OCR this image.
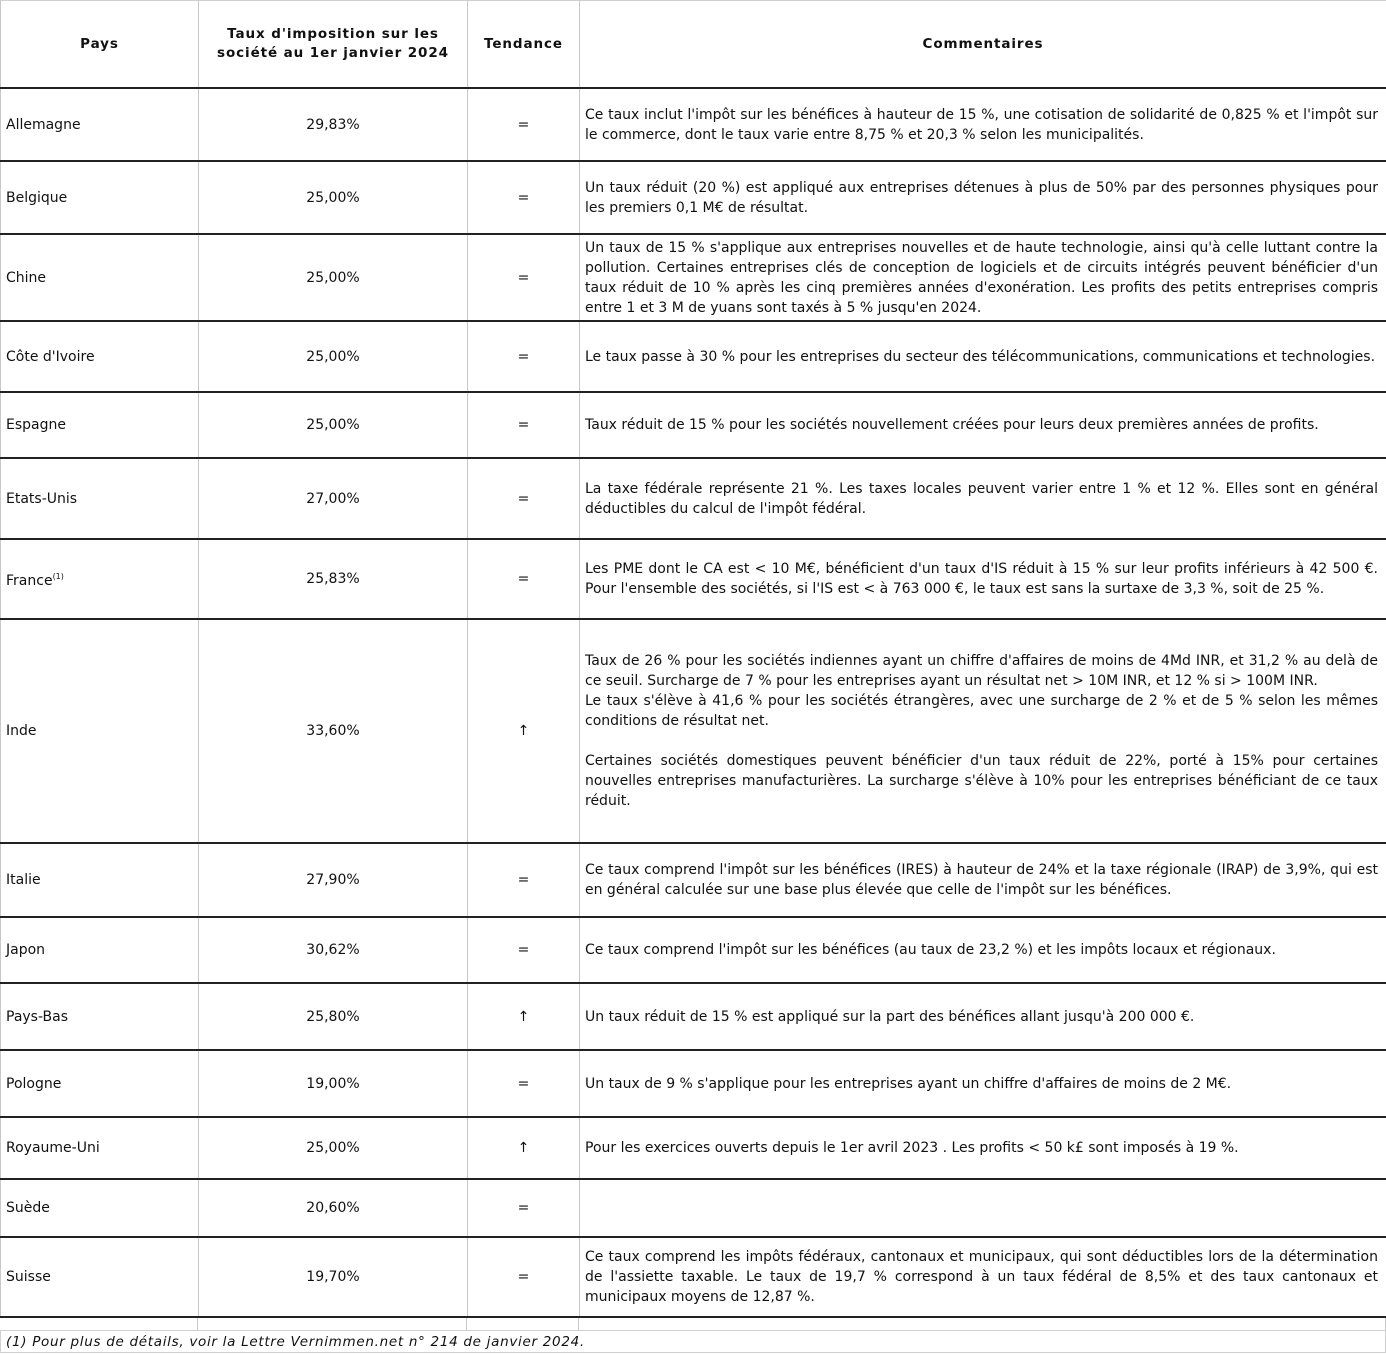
Pays	Taux d'imposition sur les société au 1er janvier 2024	Tendance	Commentaires
Allemagne	29,83%	=	Ce taux inclut l'impôt sur les bénéfices à hauteur de 15 %, une cotisation de solidarité de 0,825 % et l'impôt sur le commerce, dont le taux varie entre 8,75 % et 20,3 % selon les municipalités.
Belgique	25,00%	=	Un taux réduit (20 %) est appliqué aux entreprises détenues à plus de 50% par des personnes physiques pour les premiers 0,1 M€ de résultat.
Chine	25,00%	=	Un taux de 15 % s'applique aux entreprises nouvelles et de haute technologie, ainsi qu'à celle luttant contre la pollution. Certaines entreprises clés de conception de logiciels et de circuits intégrés peuvent bénéficier d'un taux réduit de 10 % après les cinq premières années d'exonération. Les profits des petits entreprises compris entre 1 et 3 M de yuans sont taxés à 5 % jusqu'en 2024.
Côte d'Ivoire	25,00%	=	Le taux passe à 30 % pour les entreprises du secteur des télécommunications, communications et technologies.
Espagne	25,00%	=	Taux réduit de 15 % pour les sociétés nouvellement créées pour leurs deux premières années de profits.
Etats-Unis	27,00%	=	La taxe fédérale représente 21 %. Les taxes locales peuvent varier entre 1 % et 12 %. Elles sont en général déductibles du calcul de l'impôt fédéral.
France$^{(1)}$	25,83%	=	Les PME dont le CA est < 10 M€, bénéficient d'un taux d'IS réduit à 15 % sur leur profits inférieurs à 42 500 €. Pour l'ensemble des sociétés, si l'IS est < à 763 000 €, le taux est sans la surtaxe de 3,3 %, soit de 25 %.
Inde	33,60%	↑	Taux de 26 % pour les sociétés indiennes ayant un chiffre d'affaires de moins de 4Md INR, et 31,2 % au delà de ce seuil. Surcharge de 7 % pour les entreprises ayant un résultat net > 10M INR, et 12 % si > 100M INR.
Le taux s'élève à 41,6 % pour les sociétés étrangères, avec une surcharge de 2 % et de 5 % selon les mêmes conditions de résultat net.

Certaines sociétés domestiques peuvent bénéficier d'un taux réduit de 22%, porté à 15% pour certaines nouvelles entreprises manufacturières. La surcharge s'élève à 10% pour les entreprises bénéficiant de ce taux réduit.
Italie	27,90%	=	Ce taux comprend l'impôt sur les bénéfices (IRES) à hauteur de 24% et la taxe régionale (IRAP) de 3,9%, qui est en général calculée sur une base plus élevée que celle de l'impôt sur les bénéfices.
Japon	30,62%	=	Ce taux comprend l'impôt sur les bénéfices (au taux de 23,2 %) et les impôts locaux et régionaux.
Pays-Bas	25,80%	↑	Un taux réduit de 15 % est appliqué sur la part des bénéfices allant jusqu'à 200 000 €.
Pologne	19,00%	=	Un taux de 9 % s'applique pour les entreprises ayant un chiffre d'affaires de moins de 2 M€.
Royaume-Uni	25,00%	↑	Pour les exercices ouverts depuis le 1er avril 2023 . Les profits < 50 k£ sont imposés à 19 %.
Suède	20,60%	=	
Suisse	19,70%	=	Ce taux comprend les impôts fédéraux, cantonaux et municipaux, qui sont déductibles lors de la détermination de l'assiette taxable. Le taux de 19,7 % correspond à un taux fédéral de 8,5% et des taux cantonaux et municipaux moyens de 12,87 %.
(1) Pour plus de détails, voir la Lettre Vernimmen.net n° 214 de janvier 2024.
